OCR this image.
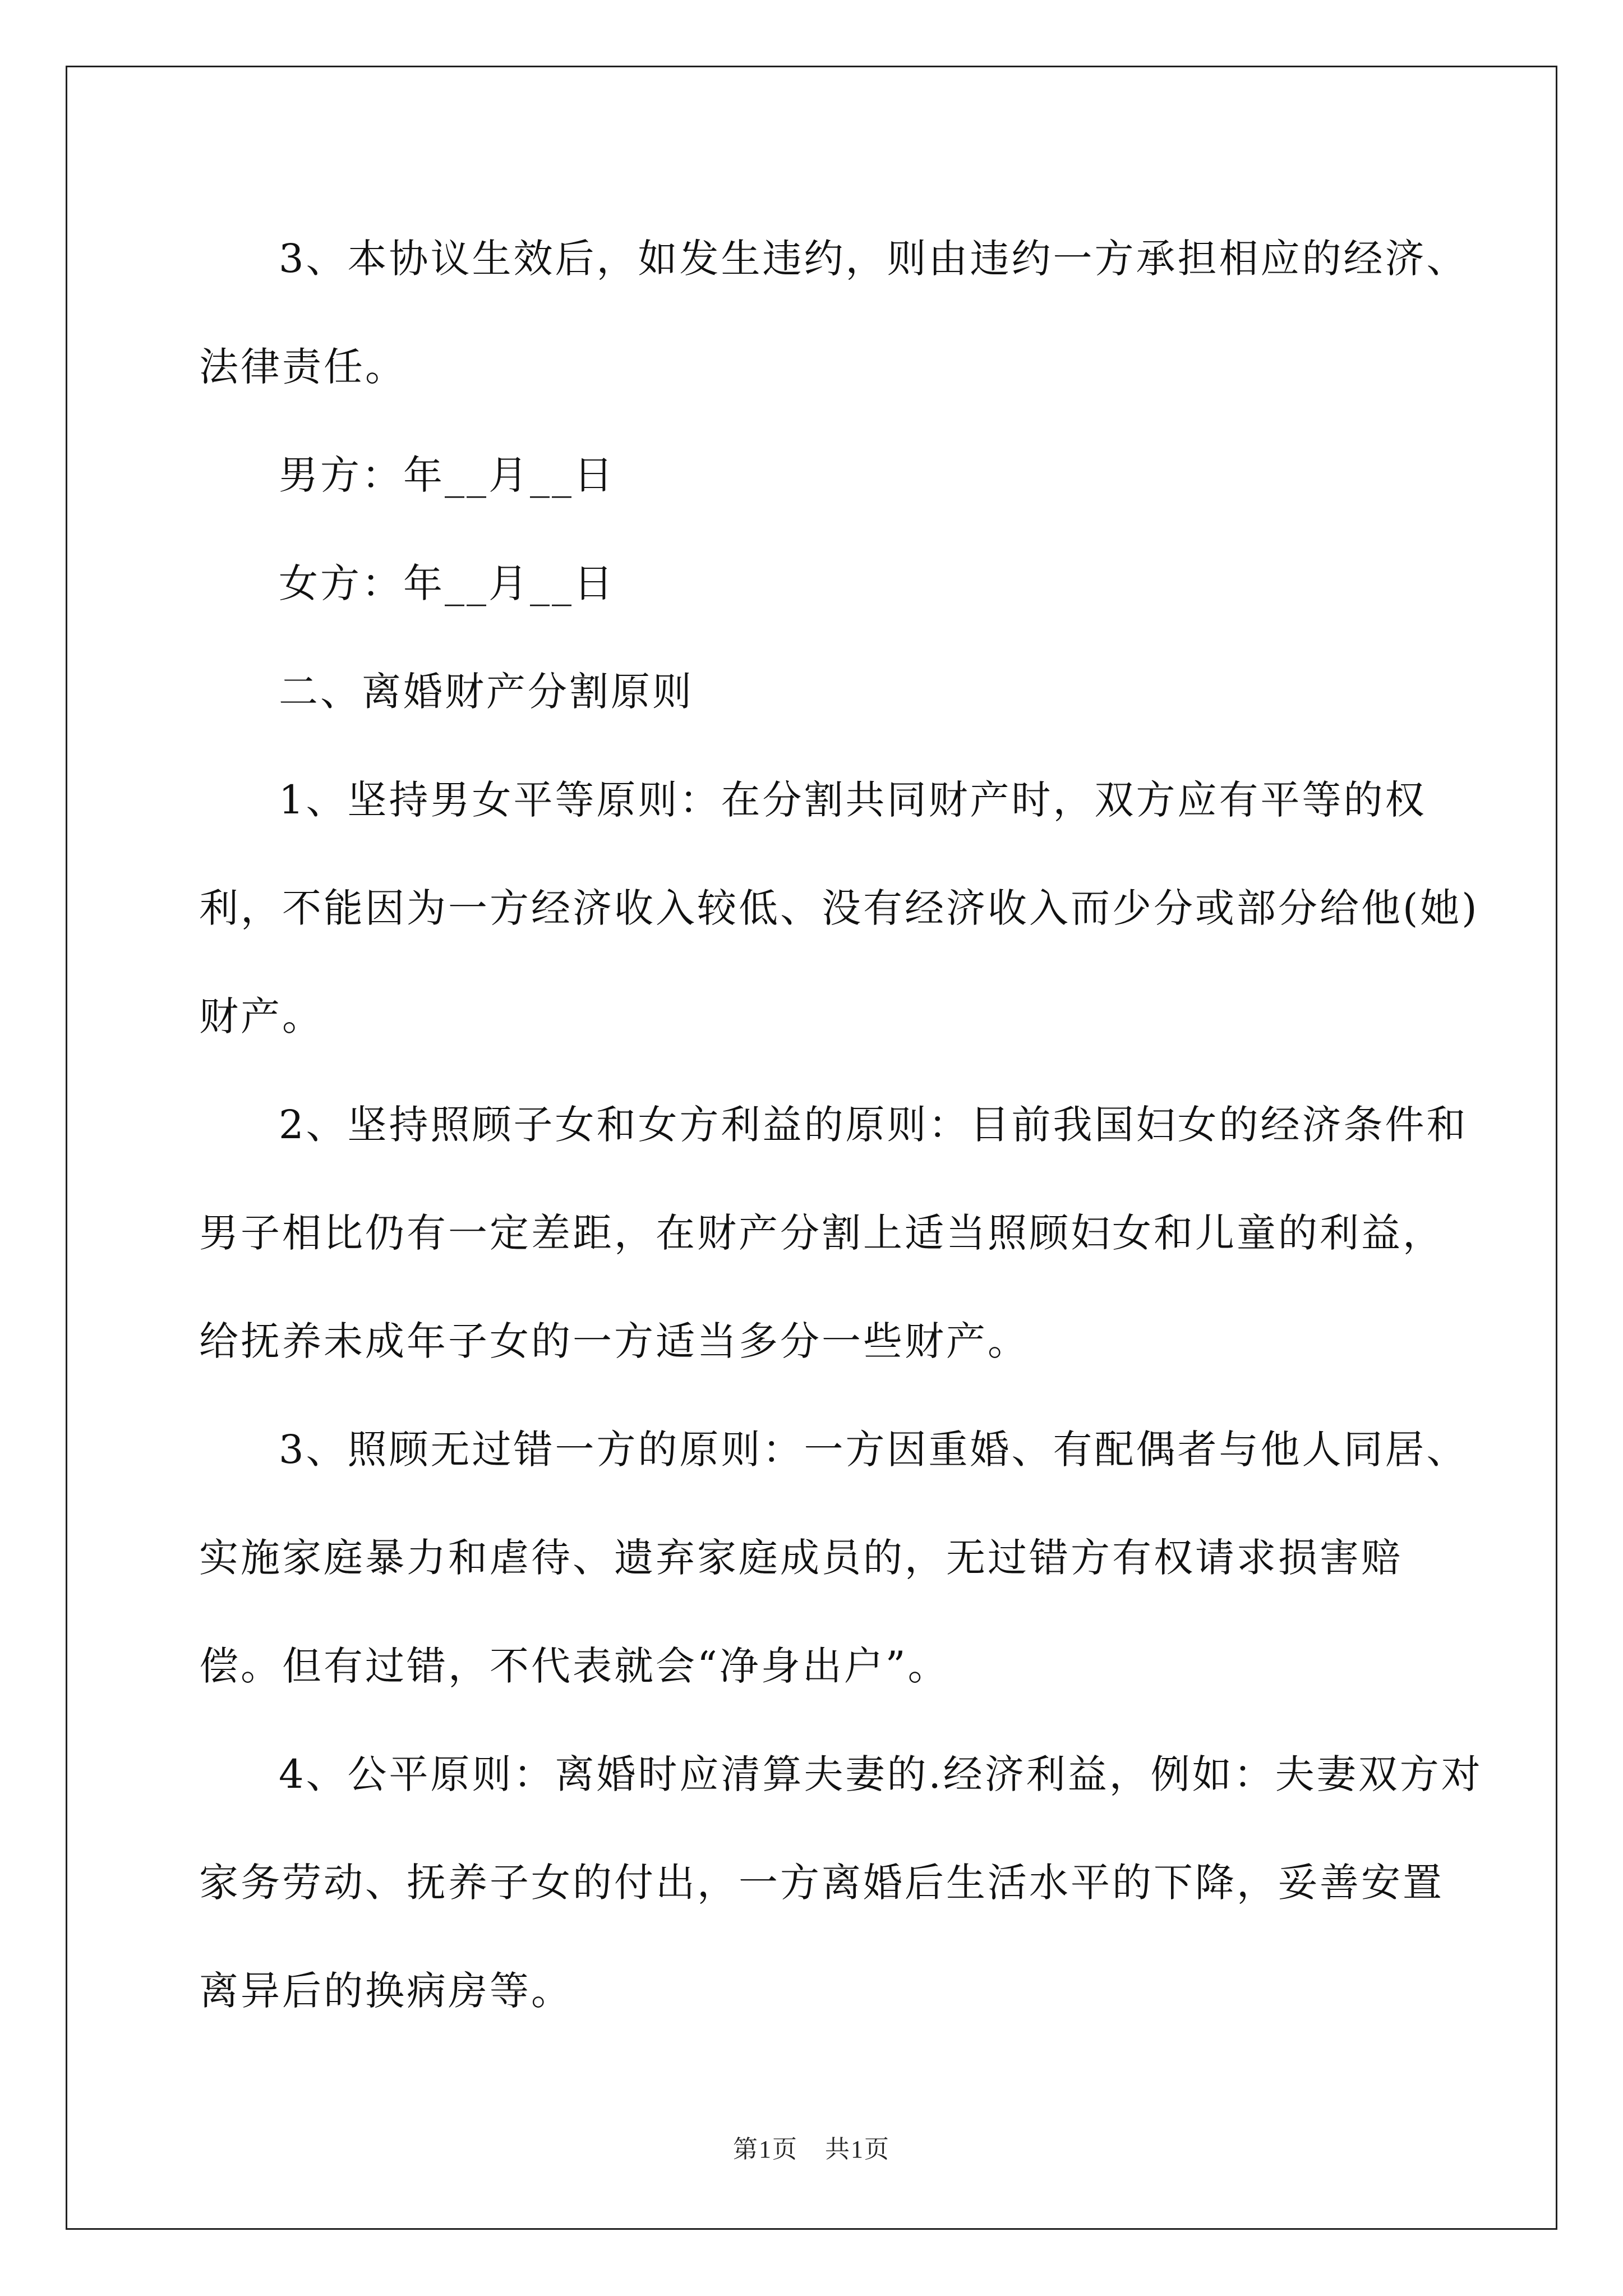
3、本协议生效后，如发生违约，则由违约一方承担相应的经济、法律责任。

男方：年__月__日

女方：年__月__日

二、离婚财产分割原则

1、坚持男女平等原则：在分割共同财产时，双方应有平等的权利，不能因为一方经济收入较低、没有经济收入而少分或部分给他(她)财产。

2、坚持照顾子女和女方利益的原则：目前我国妇女的经济条件和男子相比仍有一定差距，在财产分割上适当照顾妇女和儿童的利益，给抚养未成年子女的一方适当多分一些财产。

3、照顾无过错一方的原则：一方因重婚、有配偶者与他人同居、实施家庭暴力和虐待、遗弃家庭成员的，无过错方有权请求损害赔偿。但有过错，不代表就会“净身出户”。

4、公平原则：离婚时应清算夫妻的.经济利益，例如：夫妻双方对家务劳动、抚养子女的付出，一方离婚后生活水平的下降，妥善安置离异后的换病房等。

第1页 共1页
